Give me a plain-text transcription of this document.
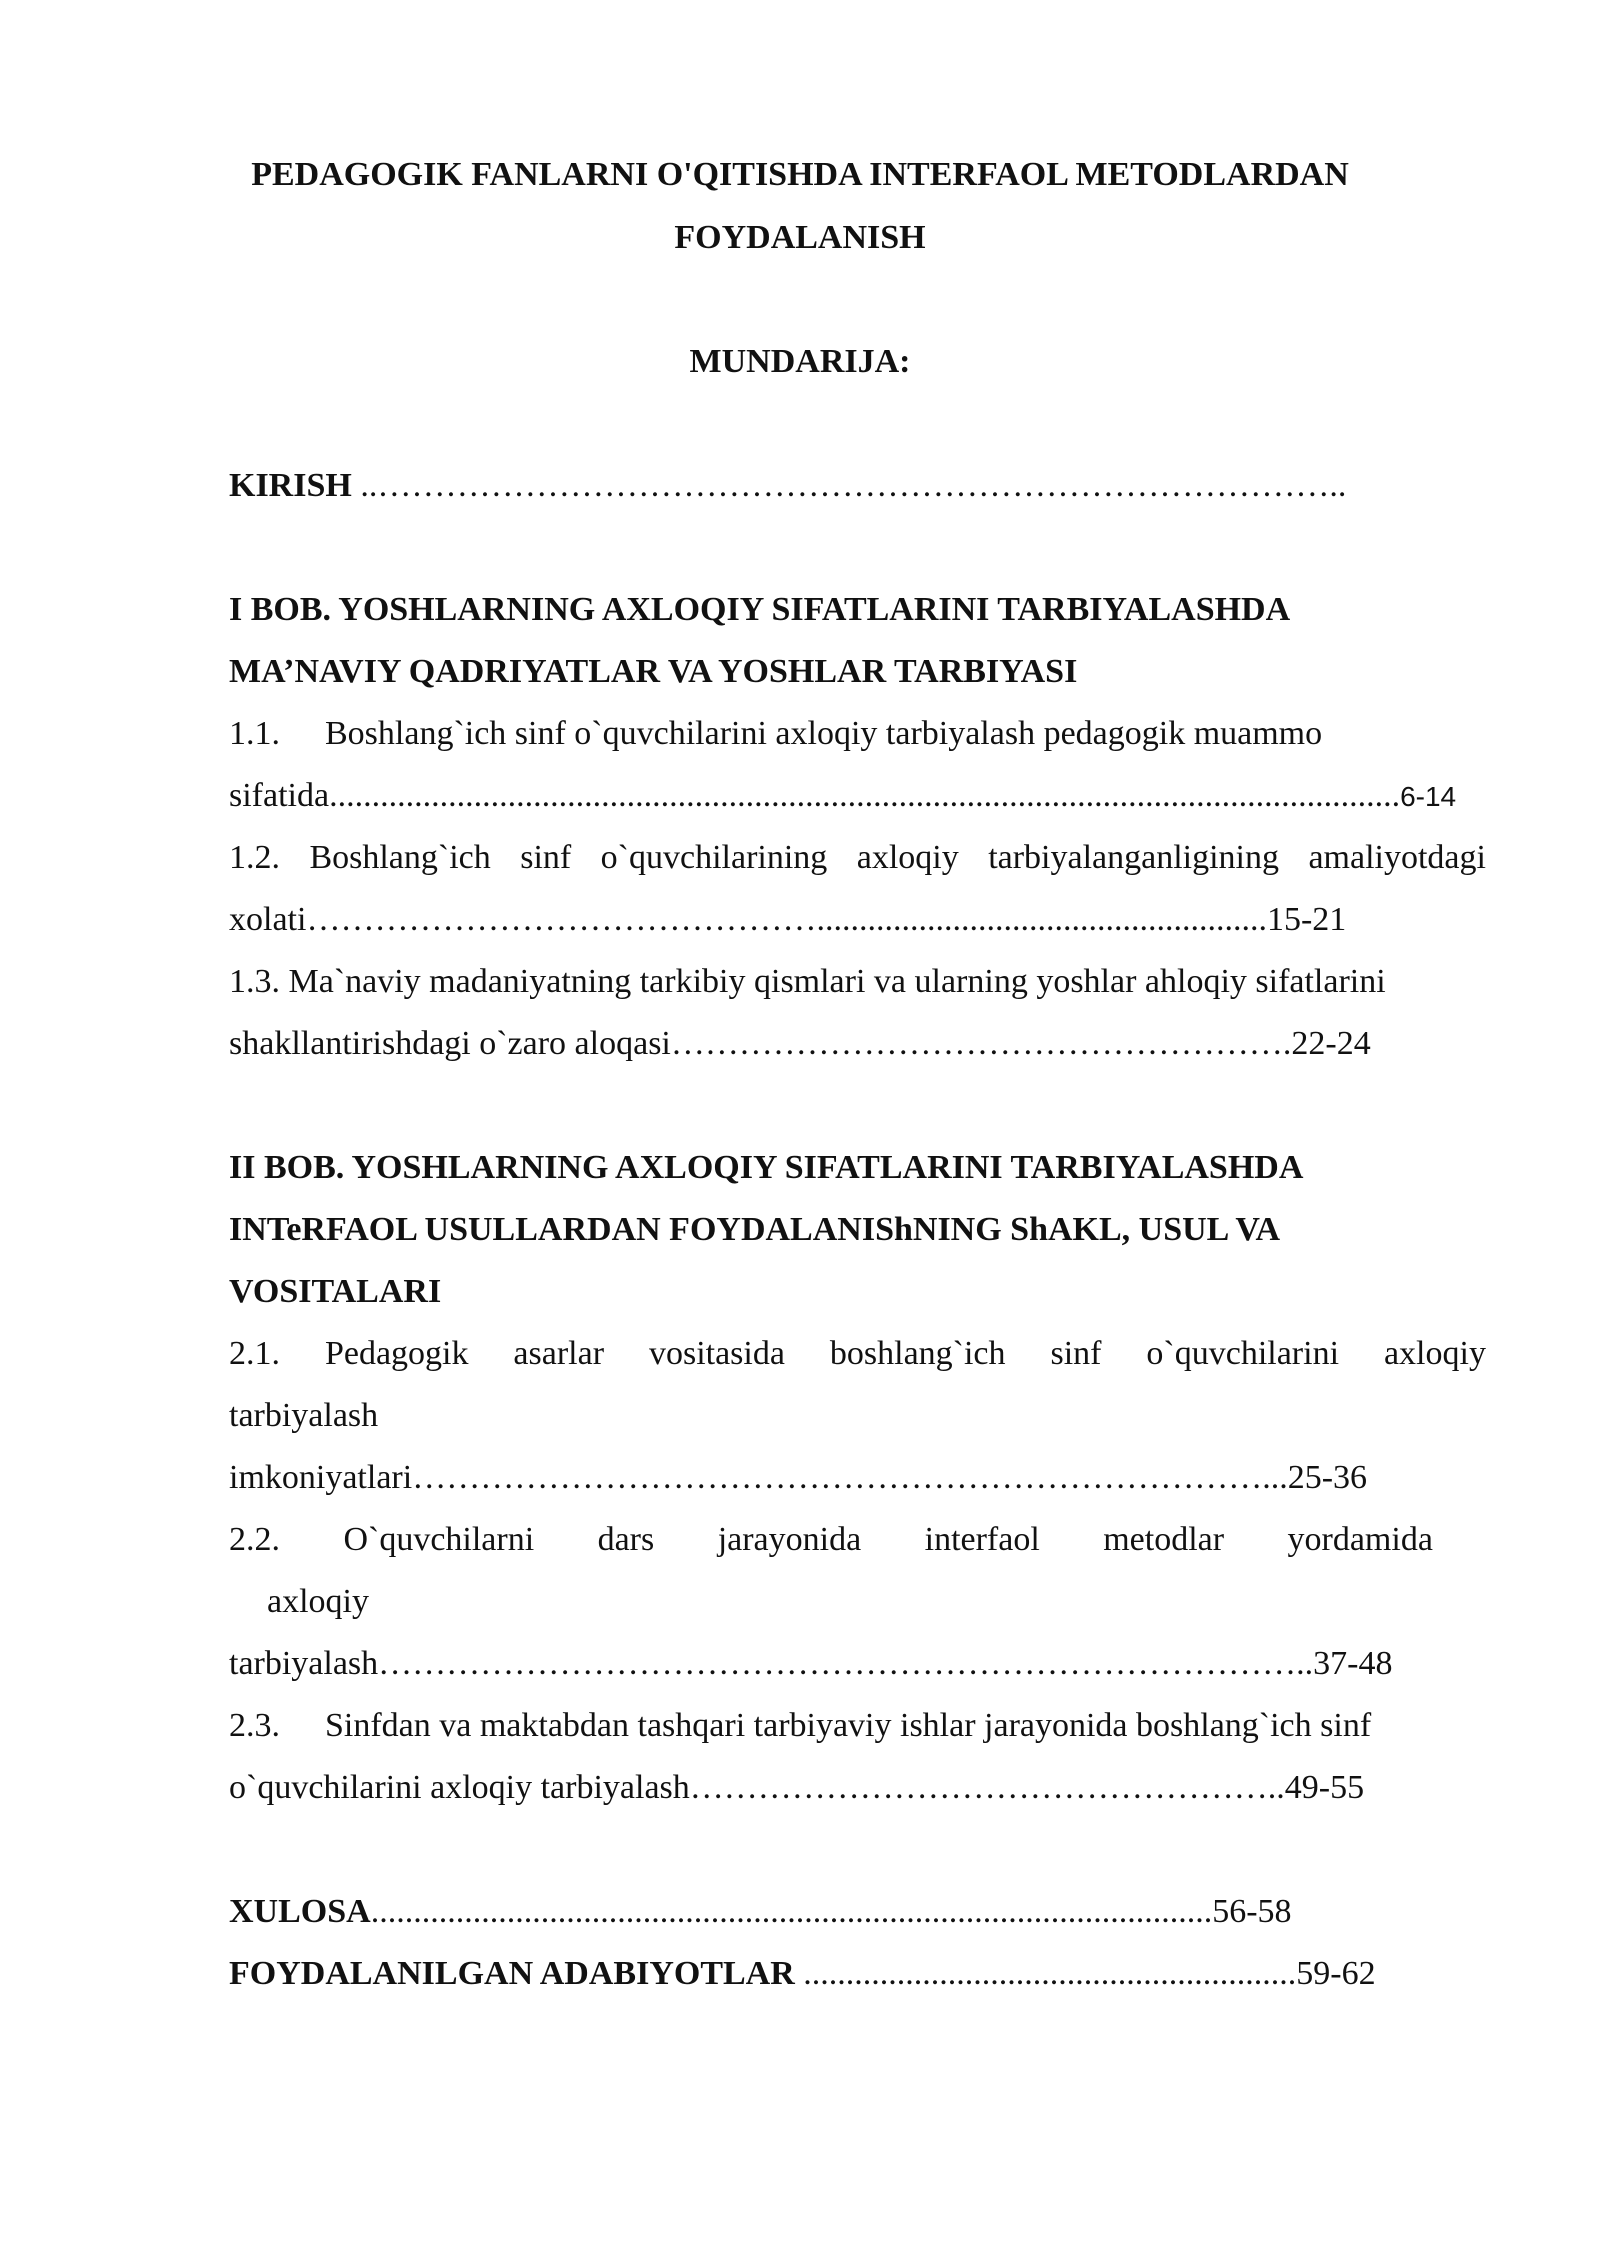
PEDAGOGIK FANLARNI O'QITISHDA INTERFAOL METODLARDAN
FOYDALANISH
MUNDARIJA:
KIRISH ..…………………………………………………………………………..
I BOB. YOSHLARNING AXLOQIY SIFATLARINI TARBIYALASHDA
MA’NAVIY QADRIYATLAR VA YOSHLAR TARBIYASI
1.1. Boshlang`ich sinf o`quvchilarini axloqiy tarbiyalash pedagogik muammo
sifatida..............................................................................................................................6-14
1.2. Boshlang`ich sinf o`quvchilarining axloqiy tarbiyalanganligining amaliyotdagi
xolati……………………………………….....................................................15-21
1.3. Ma`naviy madaniyatning tarkibiy qismlari va ularning yoshlar ahloqiy sifatlarini
shakllantirishdagi o`zaro aloqasi……………………………………………….22-24
II BOB. YOSHLARNING AXLOQIY SIFATLARINI TARBIYALASHDA
INTeRFAOL USULLARDAN FOYDALANIShNING ShAKL, USUL VA
VOSITALARI
2.1. Pedagogik asarlar vositasida boshlang`ich sinf o`quvchilarini axloqiy
tarbiyalash
imkoniyatlari…………………………………………………………………...25-36
2.2. O`quvchilarni dars jarayonida interfaol metodlar yordamida
axloqiy
tarbiyalash………………………………………………………………………..37-48
2.3. Sinfdan va maktabdan tashqari tarbiyaviy ishlar jarayonida boshlang`ich sinf
o`quvchilarini axloqiy tarbiyalash……………………………………………..49-55
XULOSA...................................................................................................56-58
FOYDALANILGAN ADABIYOTLAR ..........................................................59-62
